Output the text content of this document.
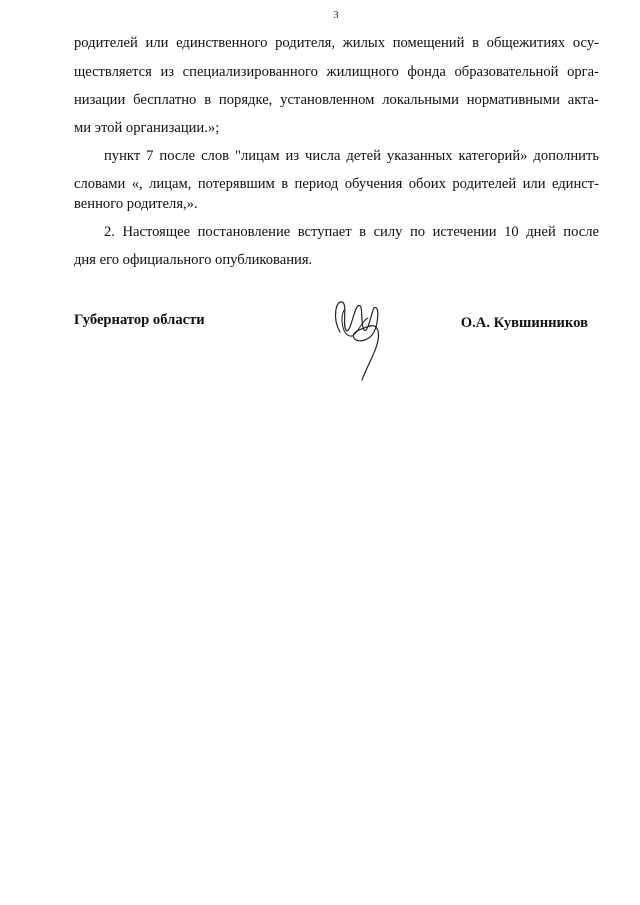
3
родителей или единственного родителя, жилых помещений в общежитиях осу-
ществляется из специализированного жилищного фонда образовательной орга-
низации бесплатно в порядке, установленном локальными нормативными акта-
ми этой организации.»;
пункт 7 после слов "лицам из числа детей указанных категорий» дополнить
словами «, лицам, потерявшим в период обучения обоих родителей или единст-
венного родителя,».
2. Настоящее постановление вступает в силу по истечении 10 дней после
дня его официального опубликования.
Губернатор области	О.А. Кувшинников
